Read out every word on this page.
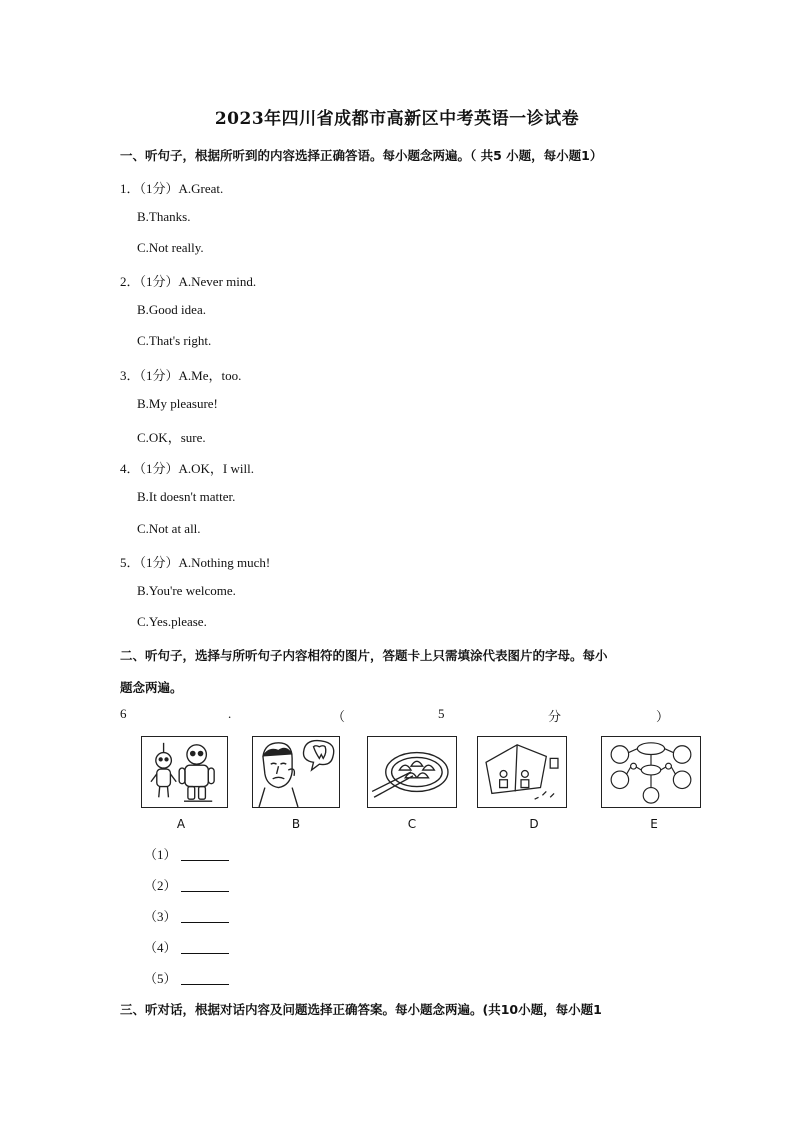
2023年四川省成都市高新区中考英语一诊试卷
一、听句子，根据所听到的内容选择正确答语。每小题念两遍。（ 共5 小题，每小题1）
1．（1分）A.Great.
B.Thanks.
C.Not really.
2．（1分）A.Never mind.
B.Good idea.
C.That's right.
3．（1分）A.Me，too.
B.My pleasure!
C.OK，sure.
4．（1分）A.OK，I will.
B.It doesn't matter.
C.Not at all.
5．（1分）A.Nothing much!
B.You're welcome.
C.Yes.please.
二、听句子，选择与所听句子内容相符的图片，答题卡上只需填涂代表图片的字母。每小
题念两遍。
6	.	（	5	分	）
A	B	C	D	E
（1）
（2）
（3）
（4）
（5）
三、听对话，根据对话内容及问题选择正确答案。每小题念两遍。(共10小题，每小题1
